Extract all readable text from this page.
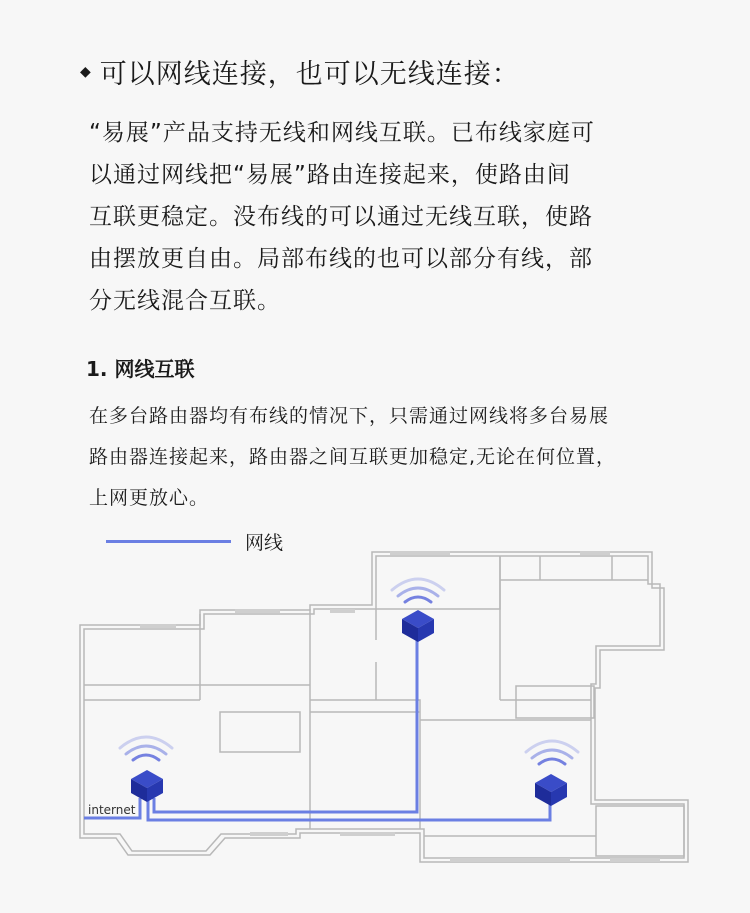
◆ 可以网线连接，也可以无线连接：

“易展”产品支持无线和网线互联。已布线家庭可

以通过网线把“易展”路由连接起来，使路由间

互联更稳定。没布线的可以通过无线互联，使路

由摆放更自由。局部布线的也可以部分有线，部

分无线混合互联。

1. 网线互联

在多台路由器均有布线的情况下，只需通过网线将多台易展

路由器连接起来，路由器之间互联更加稳定,无论在何位置，

上网更放心。

网线
internet
